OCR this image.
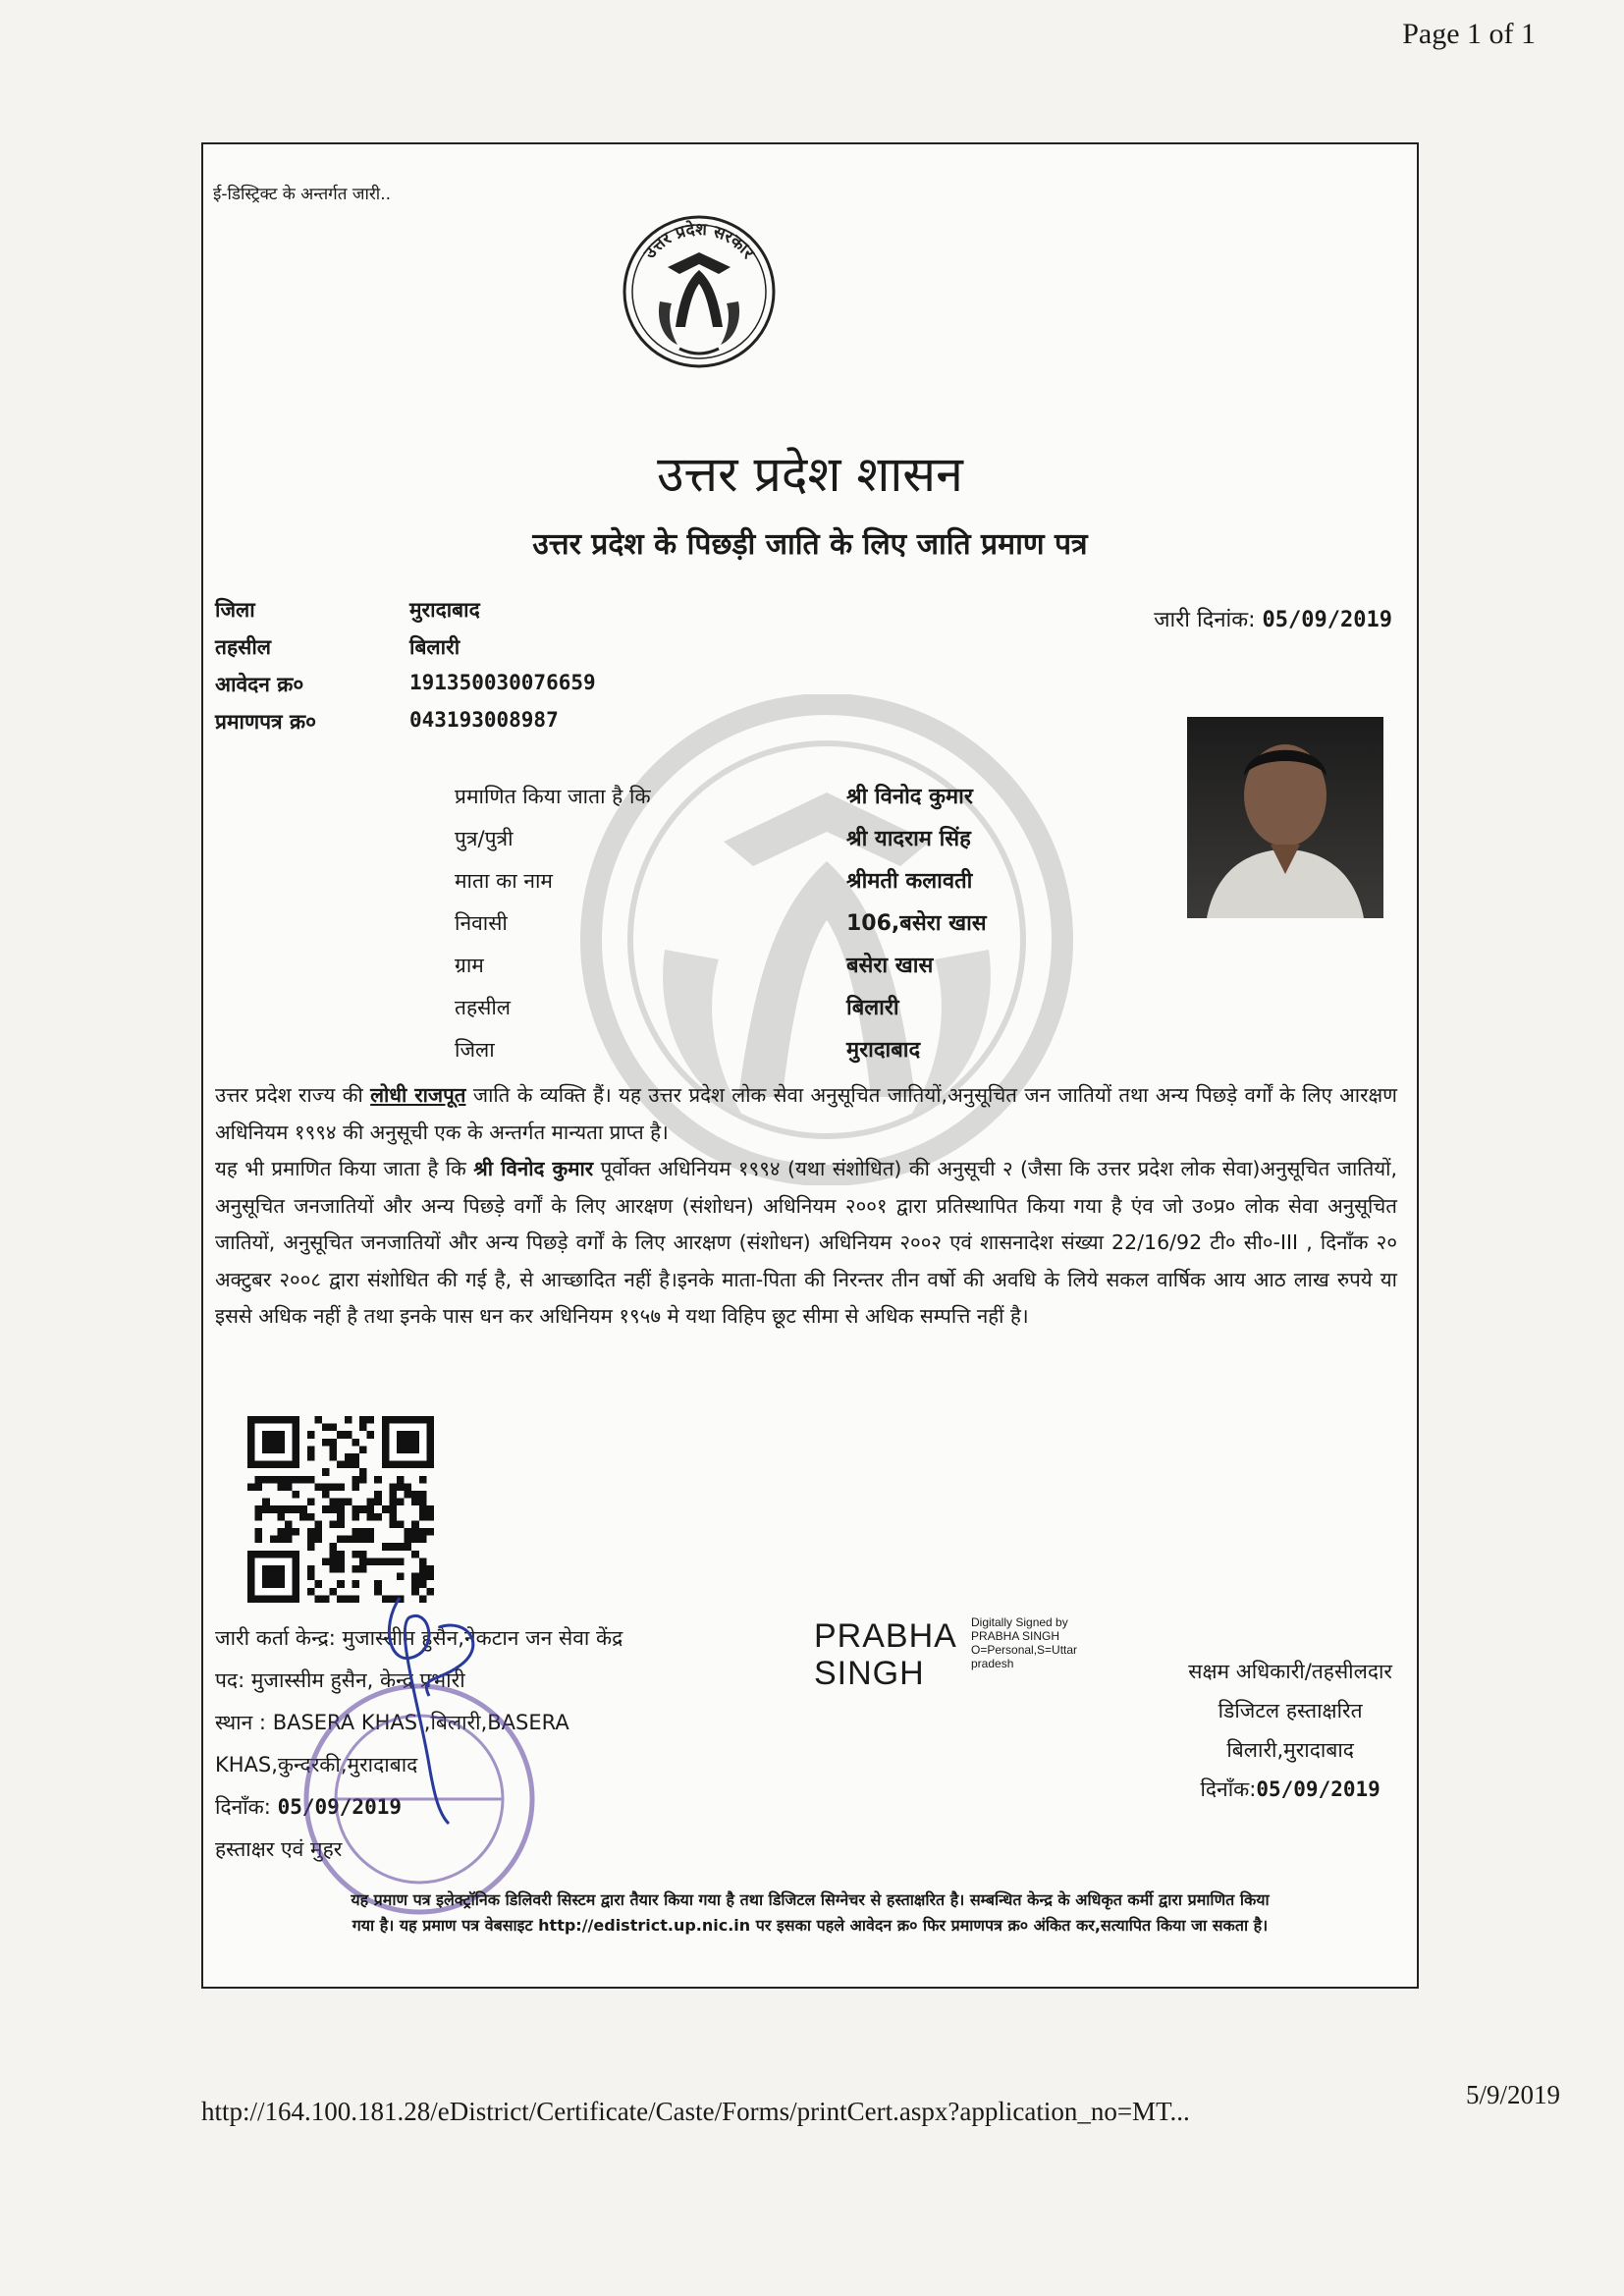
Page 1 of 1
ई-डिस्ट्रिक्ट के अन्तर्गत जारी..
उत्तर प्रदेश सरकार
उत्तर प्रदेश शासन
उत्तर प्रदेश के पिछड़ी जाति के लिए जाति प्रमाण पत्र
जिला	मुरादाबाद
तहसील	बिलारी
आवेदन क्र०	191350030076659
प्रमाणपत्र क्र०	043193008987
जारी दिनांक: 05/09/2019
प्रमाणित किया जाता है कि	श्री विनोद कुमार
पुत्र/पुत्री	श्री यादराम सिंह
माता का नाम	श्रीमती कलावती
निवासी	106,बसेरा खास
ग्राम	बसेरा खास
तहसील	बिलारी
जिला	मुरादाबाद

उत्तर प्रदेश राज्य की लोधी राजपूत जाति के व्यक्ति हैं। यह उत्तर प्रदेश लोक सेवा अनुसूचित जातियों,अनुसूचित जन जातियों तथा अन्य पिछड़े वर्गों के लिए आरक्षण अधिनियम १९९४ की अनुसूची एक के अन्तर्गत मान्यता प्राप्त है।

यह भी प्रमाणित किया जाता है कि श्री विनोद कुमार पूर्वोक्त अधिनियम १९९४ (यथा संशोधित) की अनुसूची २ (जैसा कि उत्तर प्रदेश लोक सेवा)अनुसूचित जातियों, अनुसूचित जनजातियों और अन्य पिछड़े वर्गों के लिए आरक्षण (संशोधन) अधिनियम २००१ द्वारा प्रतिस्थापित किया गया है एंव जो उ०प्र० लोक सेवा अनुसूचित जातियों, अनुसूचित जनजातियों और अन्य पिछड़े वर्गों के लिए आरक्षण (संशोधन) अधिनियम २००२ एवं शासनादेश संख्या 22/16/92 टी० सी०-III , दिनाँक २० अक्टुबर २००८ द्वारा संशोधित की गई है, से आच्छादित नहीं है।इनके माता-पिता की निरन्तर तीन वर्षो की अवधि के लिये सकल वार्षिक आय आठ लाख रुपये या इससे अधिक नहीं है तथा इनके पास धन कर अधिनियम १९५७ मे यथा विहिप छूट सीमा से अधिक सम्पत्ति नहीं है।

जारी कर्ता केन्द्र: मुजास्सीम हुसैन,नेकटान जन सेवा केंद्र
पद: मुजास्सीम हुसैन, केन्द्र प्रभारी
स्थान : BASERA KHAS ,बिलारी,BASERA
KHAS,कुन्दरकी,मुरादाबाद
दिनाँक: 05/09/2019
हस्ताक्षर एवं मुहर
PRABHA
SINGH
Digitally Signed by
PRABHA SINGH
O=Personal,S=Uttar
pradesh	सक्षम अधिकारी/तहसीलदार
डिजिटल हस्ताक्षरित
बिलारी,मुरादाबाद
दिनाँक:05/09/2019
यह प्रमाण पत्र इलेक्ट्रॉनिक डिलिवरी सिस्टम द्वारा तैयार किया गया है तथा डिजिटल सिग्नेचर से हस्ताक्षरित है। सम्बन्धित केन्द्र के अधिकृत कर्मी द्वारा प्रमाणित किया
गया है। यह प्रमाण पत्र वेबसाइट http://edistrict.up.nic.in पर इसका पहले आवेदन क्र० फिर प्रमाणपत्र क्र० अंकित कर,सत्यापित किया जा सकता है।
http://164.100.181.28/eDistrict/Certificate/Caste/Forms/printCert.aspx?application_no=MT...
5/9/2019
